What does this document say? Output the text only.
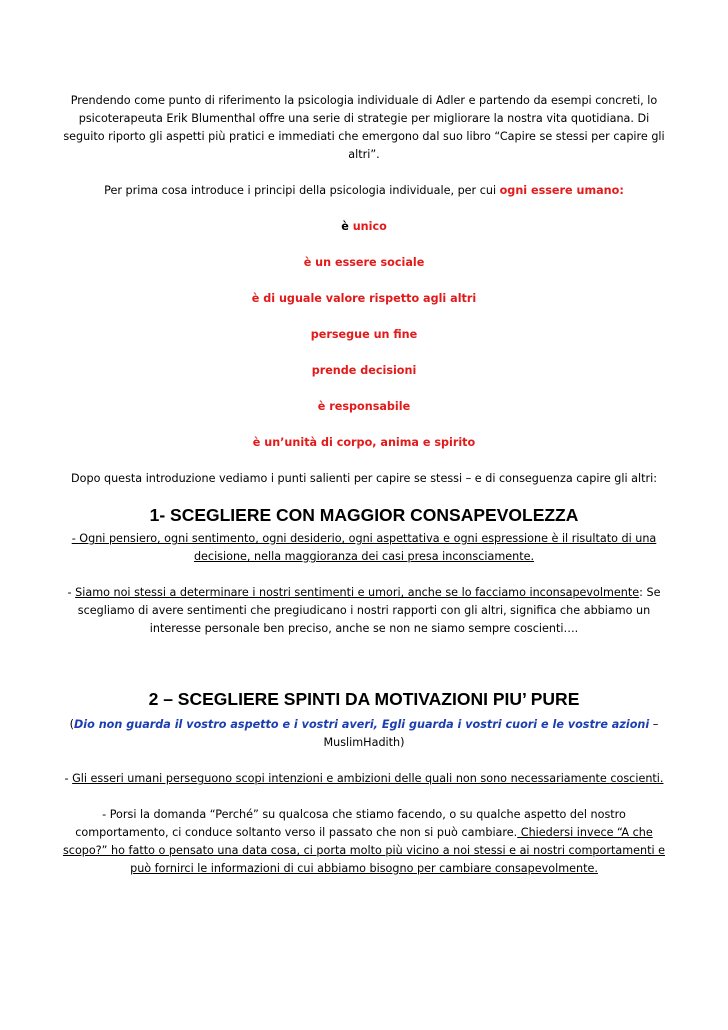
Prendendo come punto di riferimento la psicologia individuale di Adler e partendo da esempi concreti, lo psicoterapeuta Erik Blumenthal offre una serie di strategie per migliorare la nostra vita quotidiana. Di seguito riporto gli aspetti più pratici e immediati che emergono dal suo libro “Capire se stessi per capire gli altri”.

Per prima cosa introduce i principi della psicologia individuale, per cui ogni essere umano:

è unico

è un essere sociale

è di uguale valore rispetto agli altri

persegue un fine

prende decisioni

è responsabile

è un’unità di corpo, anima e spirito

Dopo questa introduzione vediamo i punti salienti per capire se stessi – e di conseguenza capire gli altri:

1- SCEGLIERE CON MAGGIOR CONSAPEVOLEZZA

- Ogni pensiero, ogni sentimento, ogni desiderio, ogni aspettativa e ogni espressione è il risultato di una decisione, nella maggioranza dei casi presa inconsciamente.

- Siamo noi stessi a determinare i nostri sentimenti e umori, anche se lo facciamo inconsapevolmente: Se scegliamo di avere sentimenti che pregiudicano i nostri rapporti con gli altri, significa che abbiamo un interesse personale ben preciso, anche se non ne siamo sempre coscienti….

2 – SCEGLIERE SPINTI DA MOTIVAZIONI PIU’ PURE

(Dio non guarda il vostro aspetto e i vostri averi, Egli guarda i vostri cuori e le vostre azioni – MuslimHadith)

- Gli esseri umani perseguono scopi intenzioni e ambizioni delle quali non sono necessariamente coscienti.

- Porsi la domanda “Perché” su qualcosa che stiamo facendo, o su qualche aspetto del nostro comportamento, ci conduce soltanto verso il passato che non si può cambiare. Chiedersi invece “A che scopo?” ho fatto o pensato una data cosa, ci porta molto più vicino a noi stessi e ai nostri comportamenti e può fornirci le informazioni di cui abbiamo bisogno per cambiare consapevolmente.
